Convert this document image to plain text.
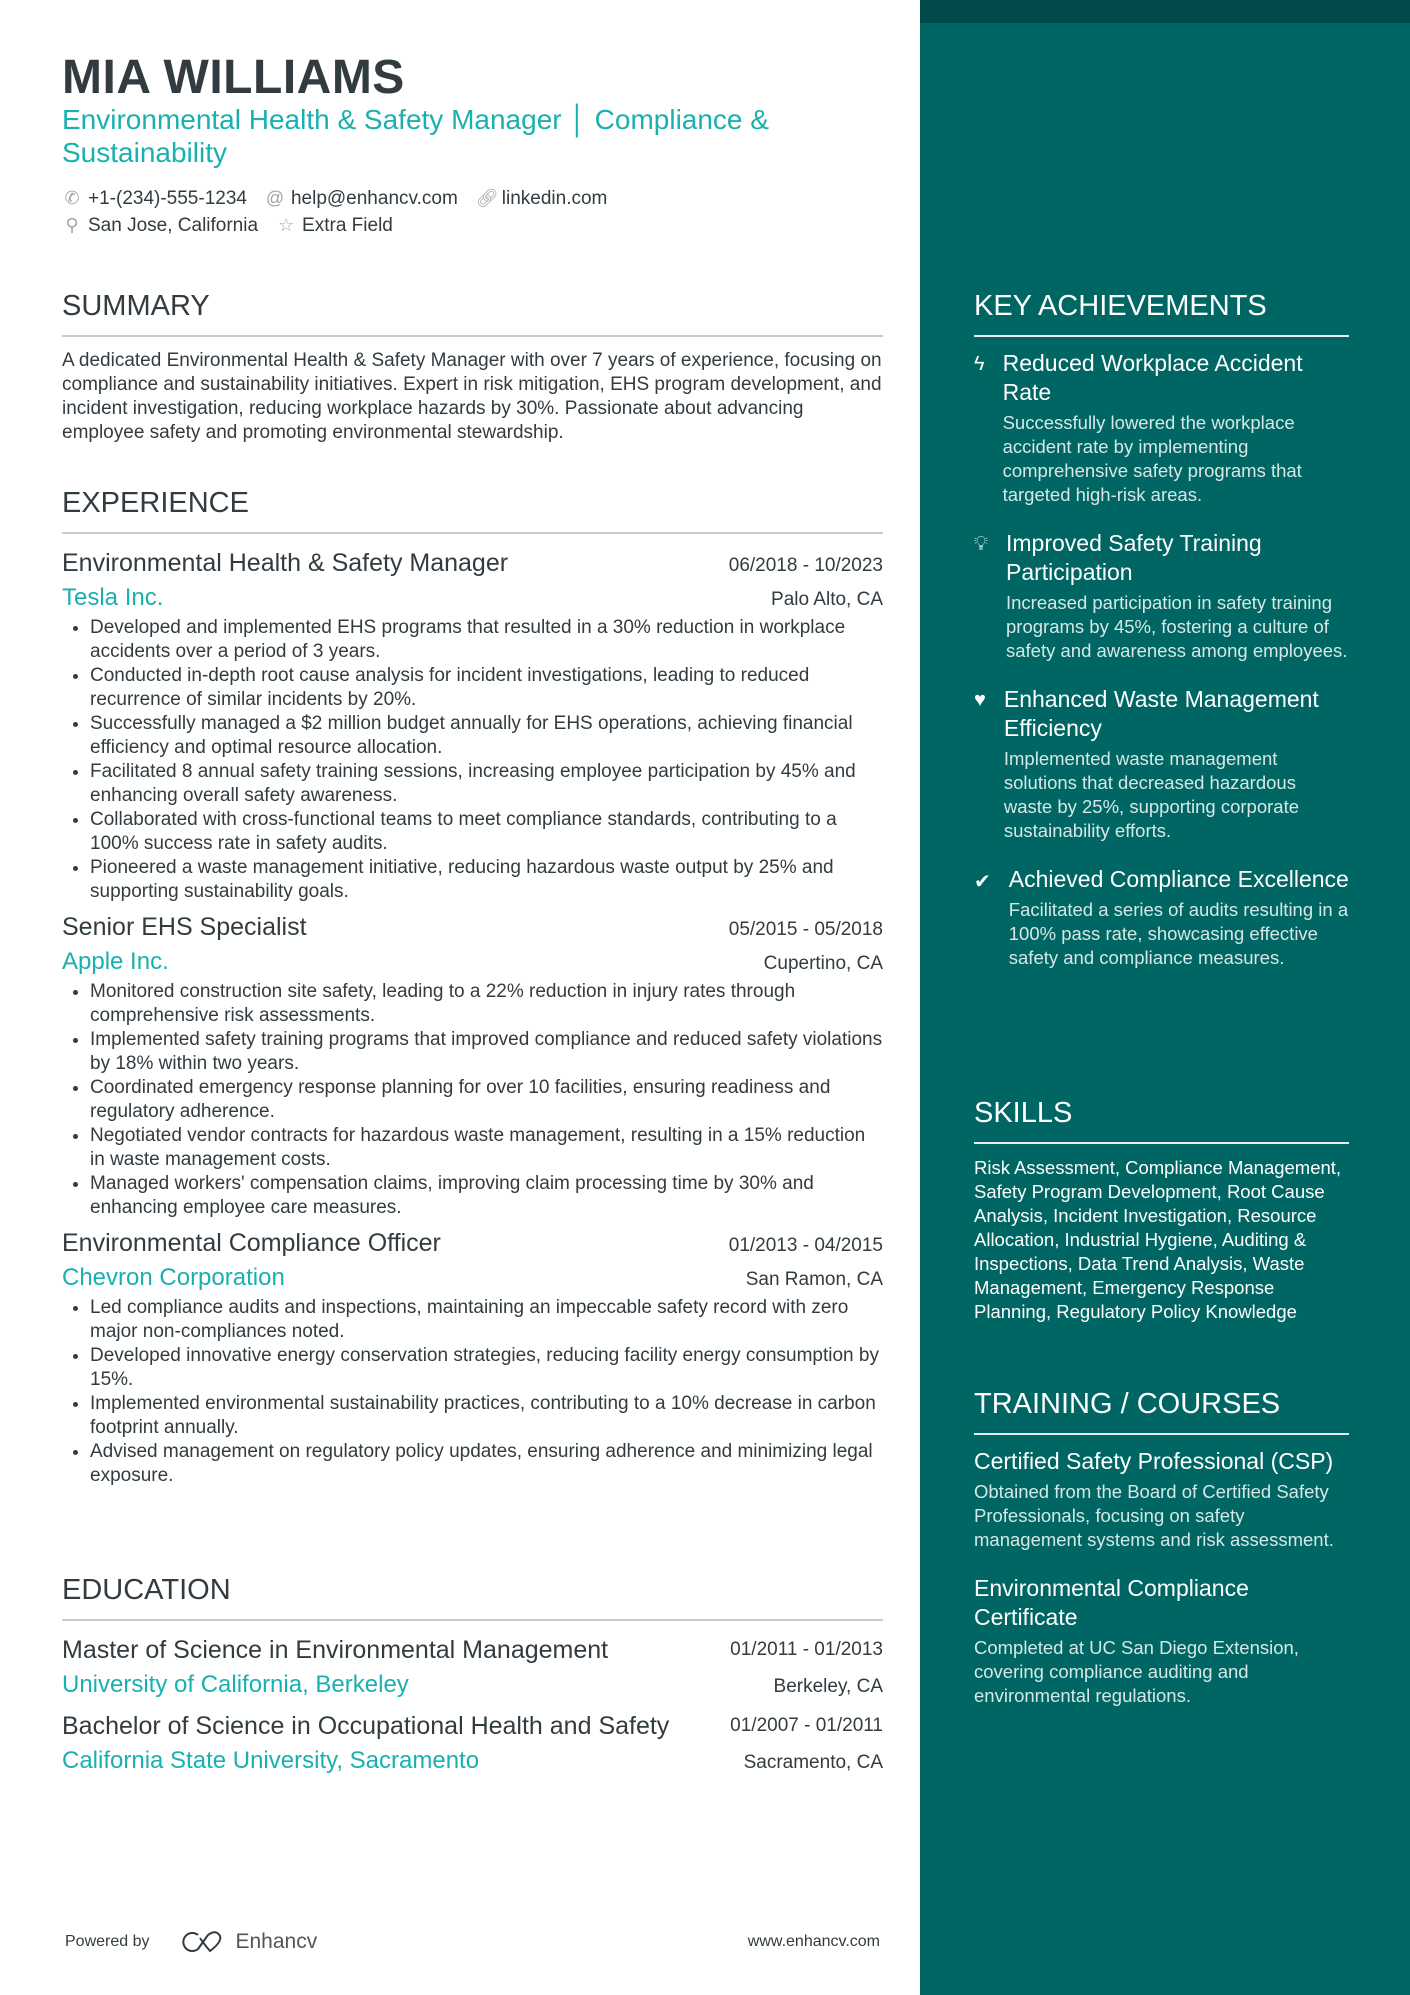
MIA WILLIAMS
Environmental Health & Safety Manager │ Compliance & Sustainability
✆ +1-(234)-555-1234 @ help@enhancv.com 🔗︎ linkedin.com
⚲ San Jose, California ☆ Extra Field
SUMMARY
A dedicated Environmental Health & Safety Manager with over 7 years of experience, focusing on compliance and sustainability initiatives. Expert in risk mitigation, EHS program development, and incident investigation, reducing workplace hazards by 30%. Passionate about advancing employee safety and promoting environmental stewardship.
EXPERIENCE
Environmental Health & Safety Manager	06/2018 - 10/2023
Tesla Inc.	Palo Alto, CA
• Developed and implemented EHS programs that resulted in a 30% reduction in workplace accidents over a period of 3 years.
• Conducted in-depth root cause analysis for incident investigations, leading to reduced recurrence of similar incidents by 20%.
• Successfully managed a $2 million budget annually for EHS operations, achieving financial efficiency and optimal resource allocation.
• Facilitated 8 annual safety training sessions, increasing employee participation by 45% and enhancing overall safety awareness.
• Collaborated with cross-functional teams to meet compliance standards, contributing to a 100% success rate in safety audits.
• Pioneered a waste management initiative, reducing hazardous waste output by 25% and supporting sustainability goals.
Senior EHS Specialist	05/2015 - 05/2018
Apple Inc.	Cupertino, CA
• Monitored construction site safety, leading to a 22% reduction in injury rates through comprehensive risk assessments.
• Implemented safety training programs that improved compliance and reduced safety violations by 18% within two years.
• Coordinated emergency response planning for over 10 facilities, ensuring readiness and regulatory adherence.
• Negotiated vendor contracts for hazardous waste management, resulting in a 15% reduction in waste management costs.
• Managed workers' compensation claims, improving claim processing time by 30% and enhancing employee care measures.
Environmental Compliance Officer	01/2013 - 04/2015
Chevron Corporation	San Ramon, CA
• Led compliance audits and inspections, maintaining an impeccable safety record with zero major non-compliances noted.
• Developed innovative energy conservation strategies, reducing facility energy consumption by 15%.
• Implemented environmental sustainability practices, contributing to a 10% decrease in carbon footprint annually.
• Advised management on regulatory policy updates, ensuring adherence and minimizing legal exposure.
EDUCATION
Master of Science in Environmental Management	01/2011 - 01/2013
University of California, Berkeley	Berkeley, CA
Bachelor of Science in Occupational Health and Safety	01/2007 - 01/2011
California State University, Sacramento	Sacramento, CA
KEY ACHIEVEMENTS
ϟ Reduced Workplace Accident Rate
Successfully lowered the workplace accident rate by implementing comprehensive safety programs that targeted high-risk areas.
💡︎ Improved Safety Training Participation
Increased participation in safety training programs by 45%, fostering a culture of safety and awareness among employees.
♥ Enhanced Waste Management Efficiency
Implemented waste management solutions that decreased hazardous waste by 25%, supporting corporate sustainability efforts.
✔ Achieved Compliance Excellence
Facilitated a series of audits resulting in a 100% pass rate, showcasing effective safety and compliance measures.
SKILLS
Risk Assessment, Compliance Management, Safety Program Development, Root Cause Analysis, Incident Investigation, Resource Allocation, Industrial Hygiene, Auditing & Inspections, Data Trend Analysis, Waste Management, Emergency Response Planning, Regulatory Policy Knowledge
TRAINING / COURSES
Certified Safety Professional (CSP)
Obtained from the Board of Certified Safety Professionals, focusing on safety management systems and risk assessment.
Environmental Compliance Certificate
Completed at UC San Diego Extension, covering compliance auditing and environmental regulations.
Powered by	Enhancv	www.enhancv.com
